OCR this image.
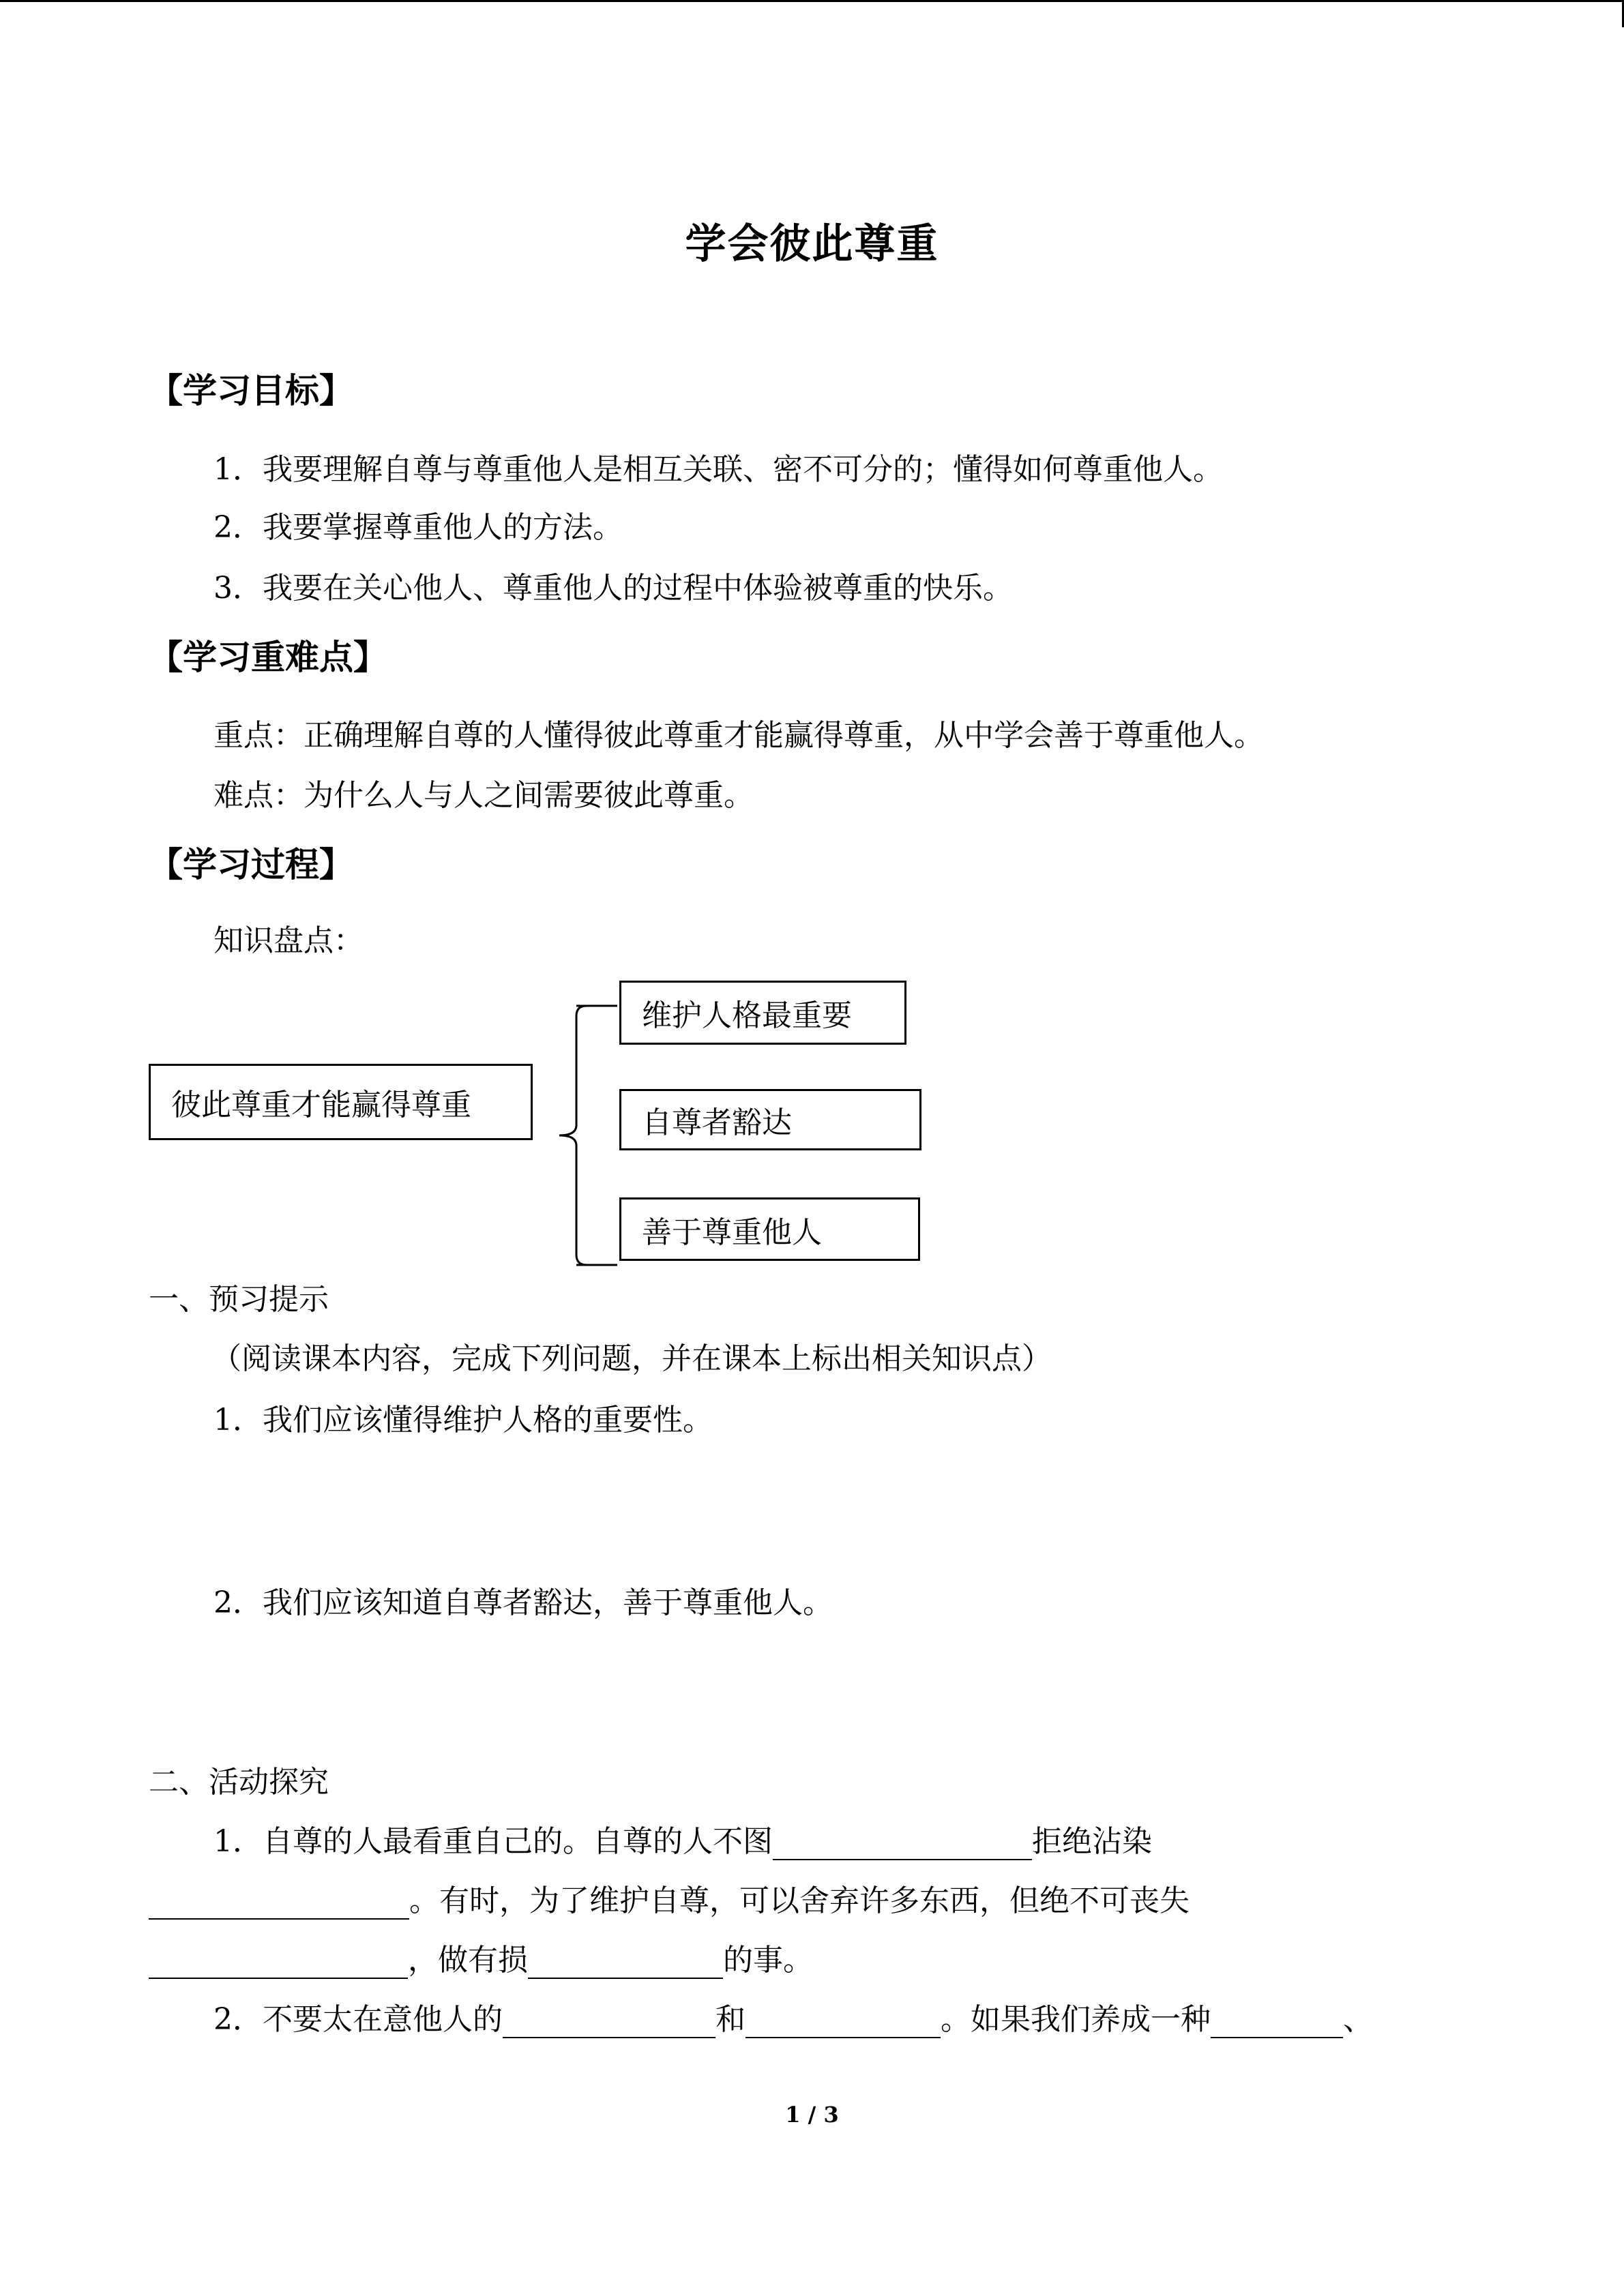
学会彼此尊重
【学习目标】
1．我要理解自尊与尊重他人是相互关联、密不可分的；懂得如何尊重他人。
2．我要掌握尊重他人的方法。
3．我要在关心他人、尊重他人的过程中体验被尊重的快乐。
【学习重难点】
重点：正确理解自尊的人懂得彼此尊重才能赢得尊重，从中学会善于尊重他人。
难点：为什么人与人之间需要彼此尊重。
【学习过程】
知识盘点：
彼此尊重才能赢得尊重
维护人格最重要
自尊者豁达
善于尊重他人
一、预习提示
（阅读课本内容，完成下列问题，并在课本上标出相关知识点）
1．我们应该懂得维护人格的重要性。
2．我们应该知道自尊者豁达，善于尊重他人。
二、活动探究
1．自尊的人最看重自己的。自尊的人不图	拒绝沾染
。有时，为了维护自尊，可以舍弃许多东西，但绝不可丧失
，做有损	的事。
2．不要太在意他人的	和	。如果我们养成一种	、
1 / 3
